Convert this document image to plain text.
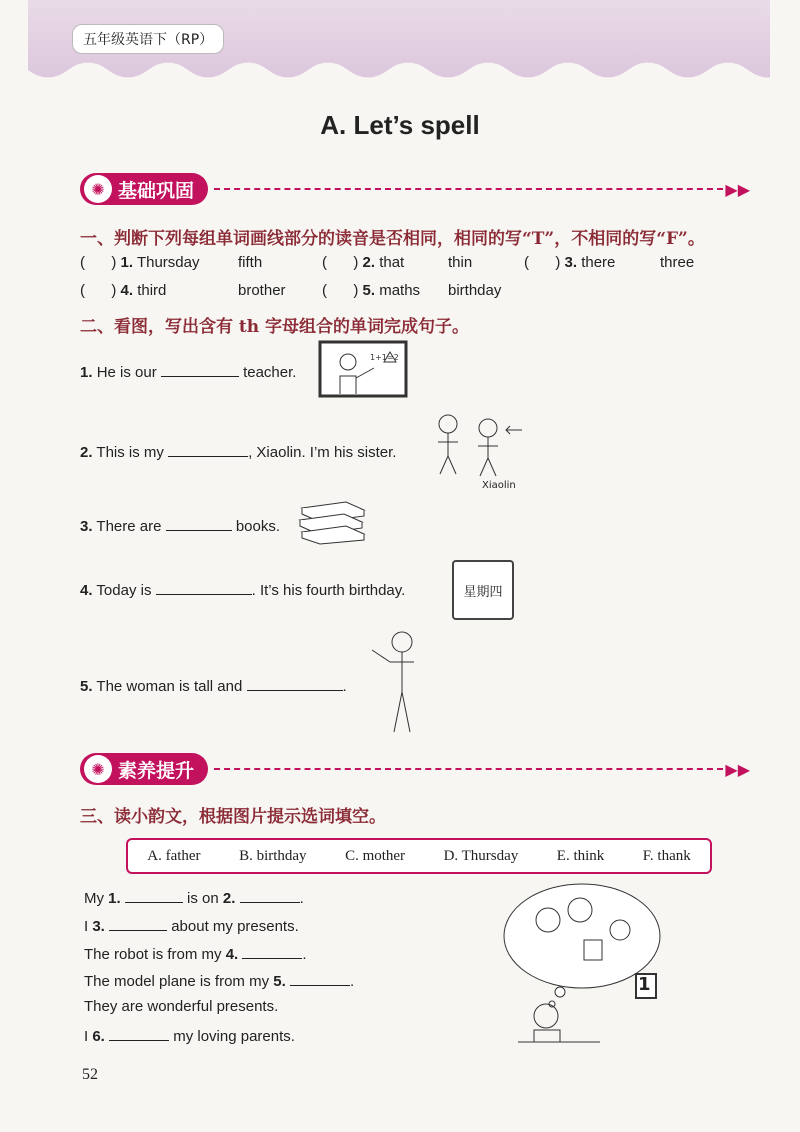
五年级英语下（RP）
A. Let’s spell
✺ 基础巩固	▶▶
一、判断下列每组单词画线部分的读音是否相同，相同的写“T”，不相同的写“F”。
( ) 1. Thursday	fifth	( ) 2. that	thin	( ) 3. there	three
( ) 4. third	brother ( ) 5. maths birthday
二、看图，写出含有 th 字母组合的单词完成句子。
1. He is our	teacher.
1+1=2
2. This is my	, Xiaolin. I’m his sister.
Xiaolin
3. There are	books.
4. Today is	. It’s his fourth birthday.	星期四
5. The woman is tall and	.
✺ 素养提升	▶▶
三、读小韵文，根据图片提示选词填空。
A. father	B. birthday	C. mother	D. Thursday	E. think	F. thank
My 1.	is on 2.	.
I 3.	about my presents.
The robot is from my 4.	.
The model plane is from my 5.	.
They are wonderful presents.
I 6.	my loving parents.
1
52
